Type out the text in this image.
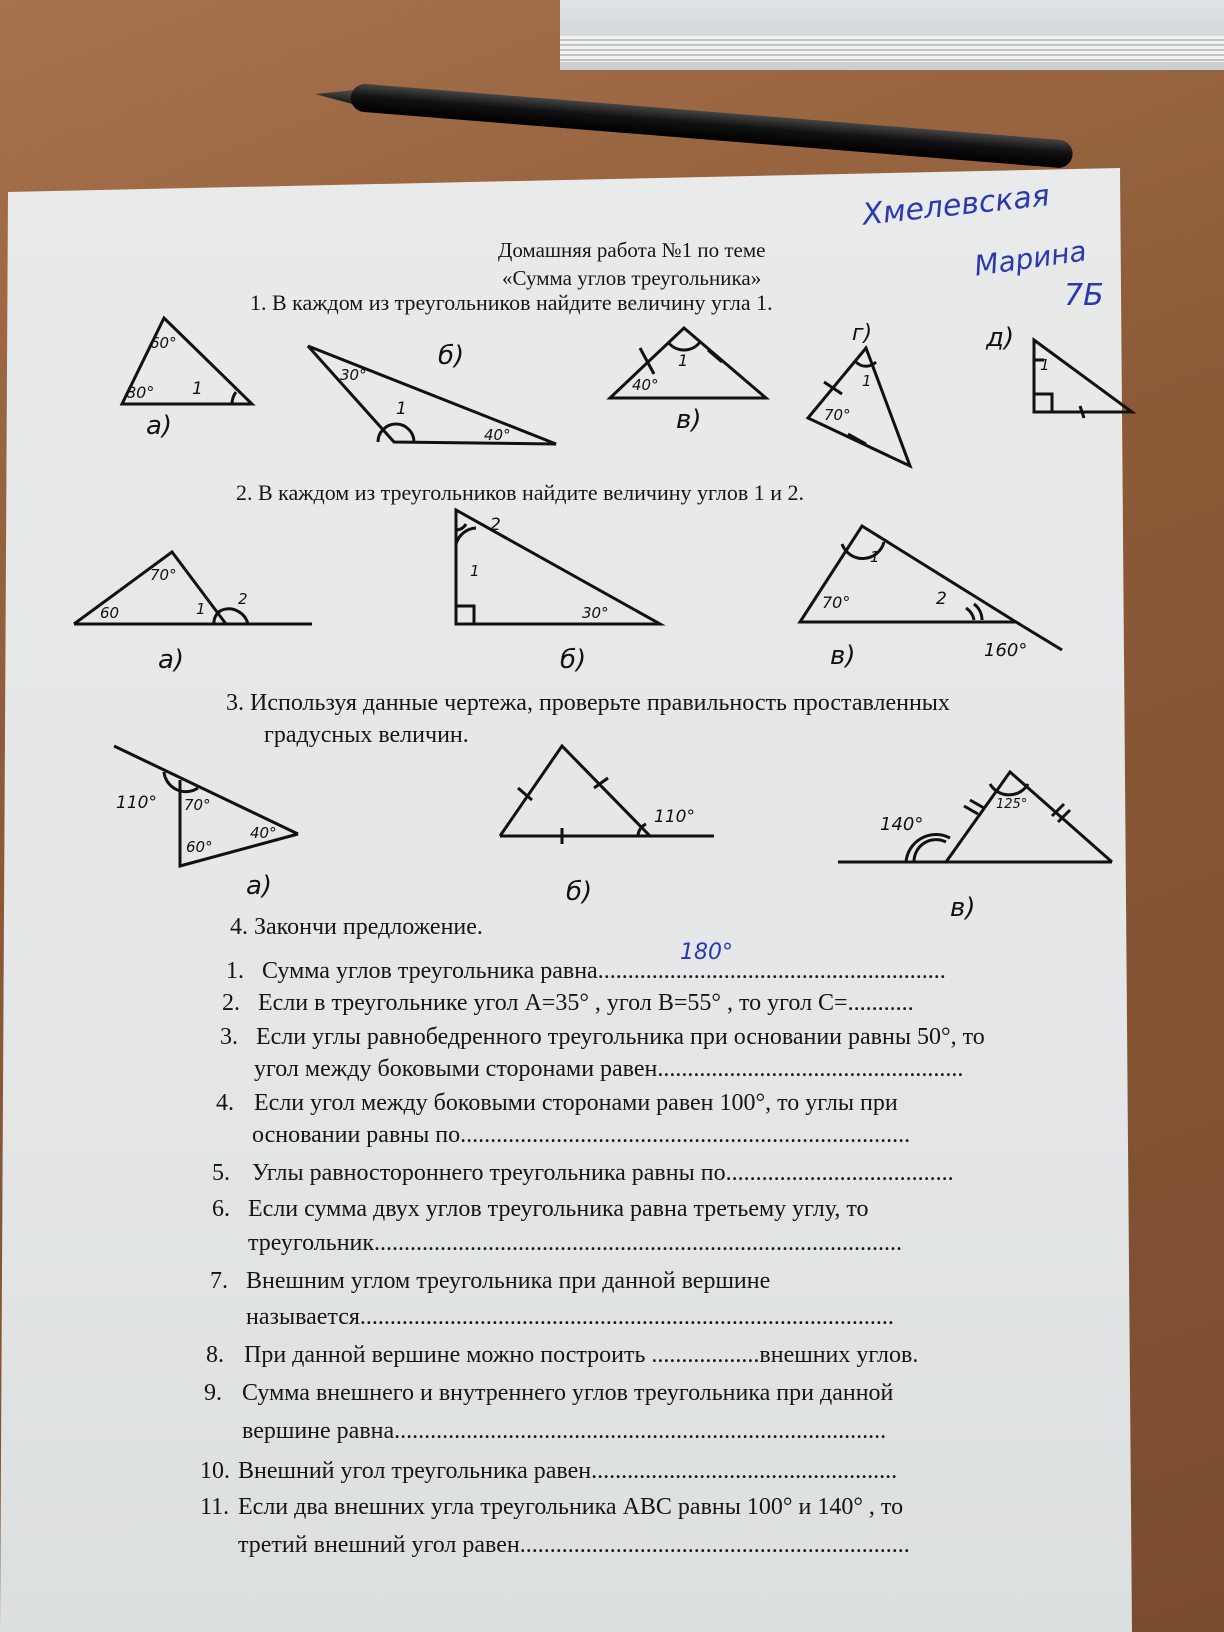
Хмелевская
Марина
7Б
Домашняя работа №1 по теме
«Сумма углов треугольника»
1. В каждом из треугольников найдите величину угла 1.
2. В каждом из треугольников найдите величину углов 1 и 2.
3. Используя данные чертежа, проверьте правильность проставленных
градусных величин.
4. Закончи предложение.
60°
80° 1
а)
30°
1
40°
б)
40°
1
в)
1
70°
г)
1
д)
70°
60	1
2
а)
2
1
30°
б)
1
70°	2
160°
в)
110° 70°
60°
40°
а)
110°
б)
140°
125°
в)
1. Сумма углов треугольника равна..........................................................
180°
2. Если в треугольнике угол А=35° , угол В=55° , то угол С=...........
3. Если углы равнобедренного треугольника при основании равны 50°, то
угол между боковыми сторонами равен...................................................
4. Если угол между боковыми сторонами равен 100°, то углы при
основании равны по...........................................................................
5. Углы равностороннего треугольника равны по......................................
6. Если сумма двух углов треугольника равна третьему углу, то
треугольник........................................................................................
7. Внешним углом треугольника при данной вершине
называется.........................................................................................
8. При данной вершине можно построить ..................внешних углов.
9. Сумма внешнего и внутреннего углов треугольника при данной
вершине равна..................................................................................
10. Внешний угол треугольника равен...................................................
11. Если два внешних угла треугольника АВС равны 100° и 140° , то
третий внешний угол равен.................................................................
